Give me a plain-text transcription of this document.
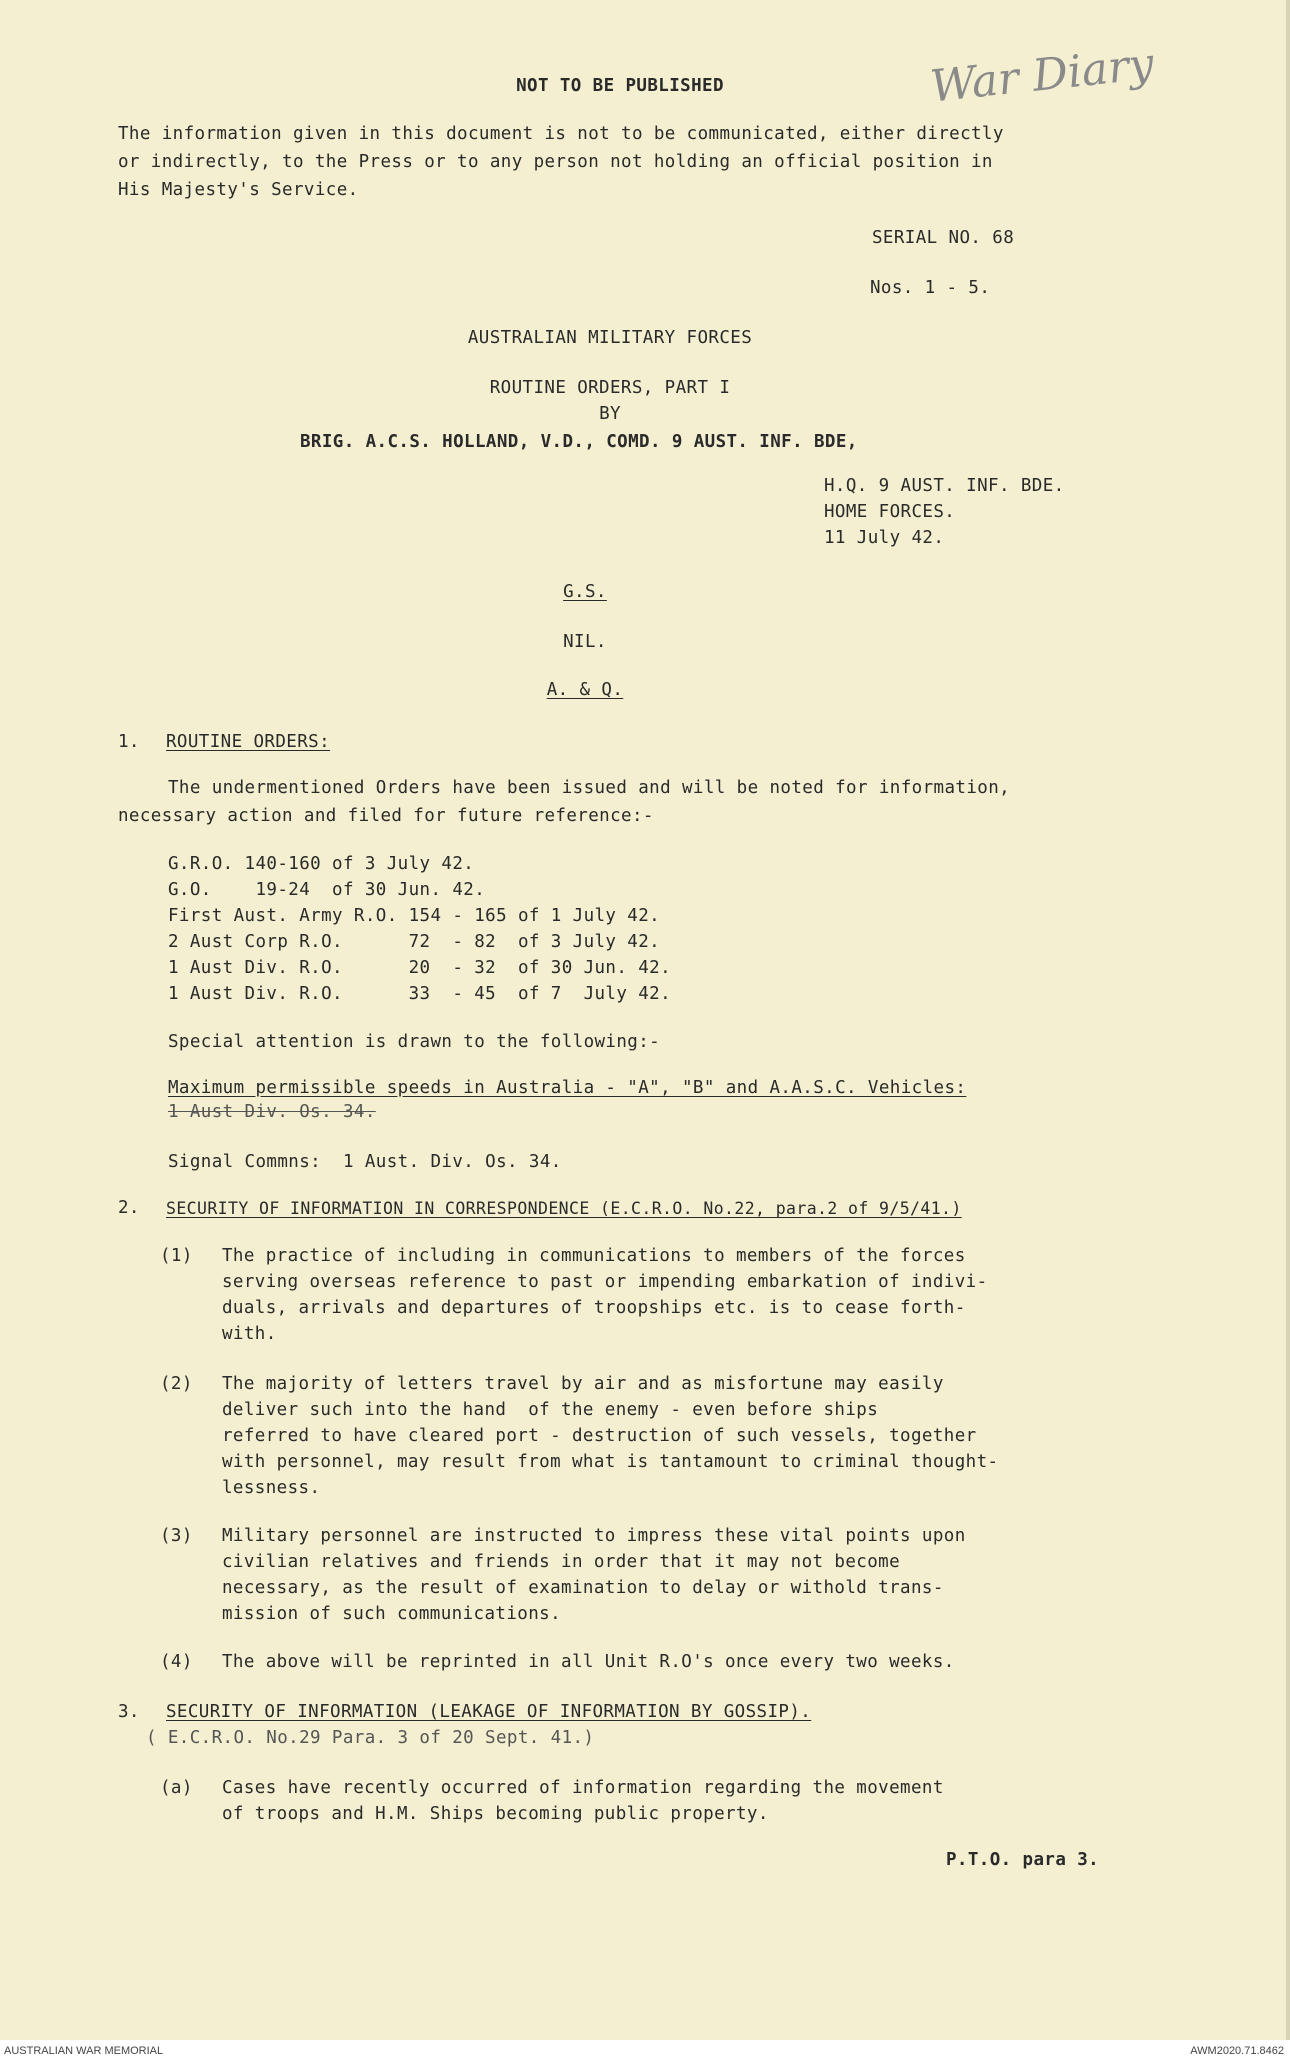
War Diary
NOT TO BE PUBLISHED
The information given in this document is not to be communicated, either directly
or indirectly, to the Press or to any person not holding an official position in
His Majesty's Service.
SERIAL NO. 68
Nos. 1 - 5.
AUSTRALIAN MILITARY FORCES
ROUTINE ORDERS, PART I
BY
BRIG. A.C.S. HOLLAND, V.D., COMD. 9 AUST. INF. BDE,
H.Q. 9 AUST. INF. BDE.
HOME FORCES.
11 July 42.
G.S.
NIL.
A. & Q.
1. ROUTINE ORDERS:
The undermentioned Orders have been issued and will be noted for information,
necessary action and filed for future reference:-
G.R.O. 140-160 of 3 July 42.
G.O.    19-24  of 30 Jun. 42.
First Aust. Army R.O. 154 - 165 of 1 July 42.
2 Aust Corp R.O.      72  - 82  of 3 July 42.
1 Aust Div. R.O.      20  - 32  of 30 Jun. 42.
1 Aust Div. R.O.      33  - 45  of 7  July 42.
Special attention is drawn to the following:-
Maximum permissible speeds in Australia - "A", "B" and A.A.S.C. Vehicles:
1 Aust Div. Os. 34.
Signal Commns:  1 Aust. Div. Os. 34.
2. SECURITY OF INFORMATION IN CORRESPONDENCE (E.C.R.O. No.22, para.2 of 9/5/41.)
(1) The practice of including in communications to members of the forces
serving overseas reference to past or impending embarkation of indivi-
duals, arrivals and departures of troopships etc. is to cease forth-
with.
(2) The majority of letters travel by air and as misfortune may easily
deliver such into the hand  of the enemy - even before ships
referred to have cleared port - destruction of such vessels, together
with personnel, may result from what is tantamount to criminal thought-
lessness.
(3) Military personnel are instructed to impress these vital points upon
civilian relatives and friends in order that it may not become
necessary, as the result of examination to delay or withold trans-
mission of such communications.
(4) The above will be reprinted in all Unit R.O's once every two weeks.
3. SECURITY OF INFORMATION (LEAKAGE OF INFORMATION BY GOSSIP).
( E.C.R.O. No.29 Para. 3 of 20 Sept. 41.)
(a) Cases have recently occurred of information regarding the movement
of troops and H.M. Ships becoming public property.
P.T.O. para 3.
AUSTRALIAN WAR MEMORIAL	AWM2020.71.8462
